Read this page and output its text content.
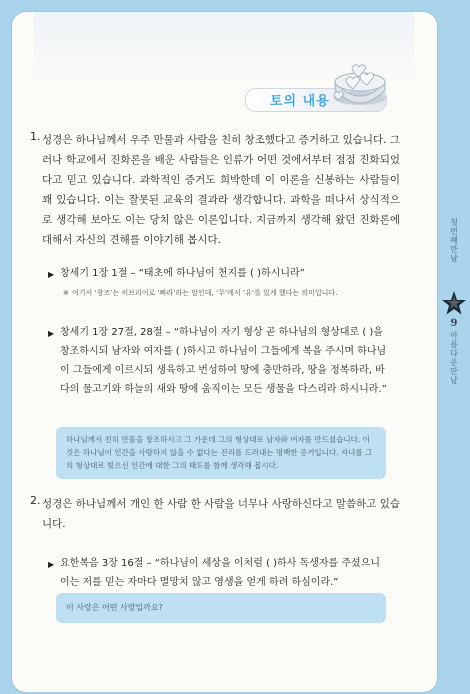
토의 내용
1. 성경은 하나님께서 우주 만물과 사람을 친히 창조했다고 증거하고 있습니다. 그러나 학교에서 진화론을 배운 사람들은 인류가 어떤 것에서부터 점점 진화되었다고 믿고 있습니다. 과학적인 증거도 희박한데 이 이론을 신봉하는 사람들이 꽤 있습니다. 이는 잘못된 교육의 결과라 생각합니다. 과학을 떠나서 상식적으로 생각해 보아도 이는 당치 않은 이론입니다. 지금까지 생각해 왔던 진화론에 대해서 자신의 견해를 이야기해 봅시다.
▶ 창세기 1장 1절 – “태초에 하나님이 천지를 ( )하시니라”
※ 여기서 ‘창조’는 히브리어로 ‘빠라’라는 말인데, ‘무’에서 ‘유’를 있게 했다는 의미입니다.
▶ 창세기 1장 27절, 28절 – “하나님이 자기 형상 곧 하나님의 형상대로 ( )을 창조하시되 남자와 여자를 ( )하시고 하나님이 그들에게 복을 주시며 하나님이 그들에게 이르시되 생육하고 번성하여 땅에 충만하라, 땅을 정복하라, 바다의 물고기와 하늘의 새와 땅에 움직이는 모든 생물을 다스리라 하시니라.”
하나님께서 친히 만물을 창조하시고 그 가운데 그의 형상대로 남자와 여자를 만드셨습니다. 이것은 하나님이 인간을 사랑하지 않을 수 없다는 진리를 드러내는 명백한 증거입니다. 자녀를 그의 형상대로 빚으신 인간에 대한 그의 태도를 함께 생각해 봅시다.
2. 성경은 하나님께서 개인 한 사람 한 사람을 너무나 사랑하신다고 말씀하고 있습니다.
▶ 요한복음 3장 16절 – “하나님이 세상을 이처럼 ( )하사 독생자를 주셨으니 이는 저를 믿는 자마다 멸망치 않고 영생을 얻게 하려 하심이라.”
이 사랑은 어떤 사랑일까요?
첫번째만남
9
아름다운만남
